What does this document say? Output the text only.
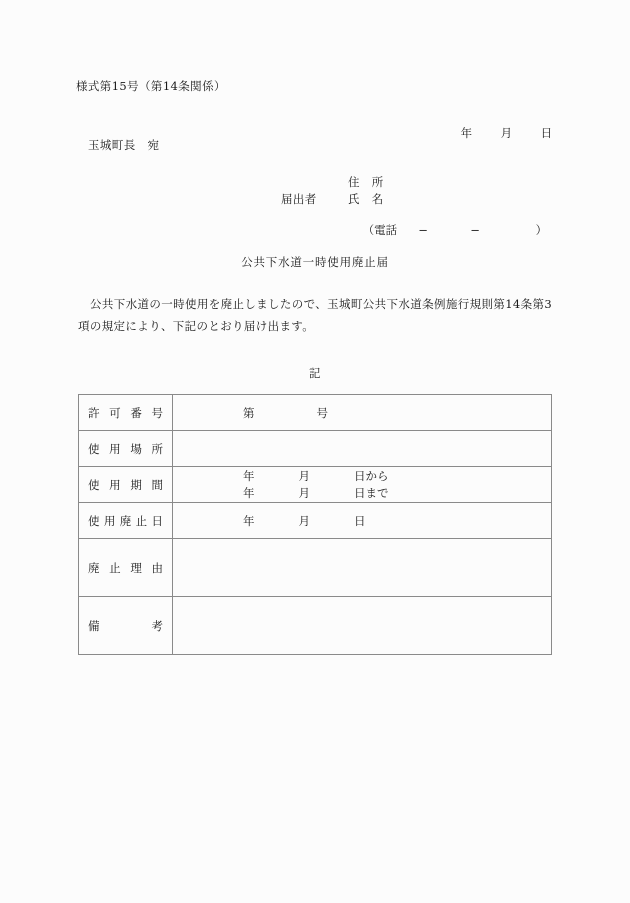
様式第15号（第14条関係）

年 月 日

玉城町長　宛
届出者
住　所
氏　名

（電話 −	−	）

公共下水道一時使用廃止届
公共下水道の一時使用を廃止しましたので、玉城町公共下水道条例施行規則第14条第3項の規定により、下記のとおり届け出ます。
記
許可番号	第 号

使用場所	

使用期間	年 月 日から
年 月 日まで

使用廃止日	年 月 日

廃止理由	

備考	
